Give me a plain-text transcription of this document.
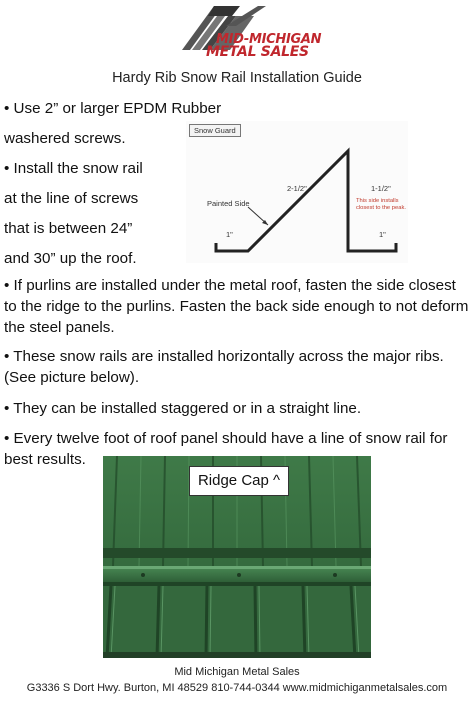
MID-MICHIGAN
METAL SALES
Hardy Rib Snow Rail Installation Guide
• Use 2” or larger EPDM Rubber
washered screws.
• Install the snow rail
at the line of screws
that is between 24”
and 30” up the roof.
Snow Guard
Painted Side
2-1/2"	1-1/2"
1"	1"
This side installs
closest to the peak.
• If purlins are installed under the metal roof, fasten the side closest to the ridge to the purlins. Fasten the back side enough to not deform the steel panels.
• These snow rails are installed horizontally across the major ribs. (See picture below).
• They can be installed staggered or in a straight line.
• Every twelve foot of roof panel should have a line of snow rail for best results.
Ridge Cap ^
Mid Michigan Metal Sales
G3336 S Dort Hwy. Burton, MI 48529 810-744-0344 www.midmichiganmetalsales.com
